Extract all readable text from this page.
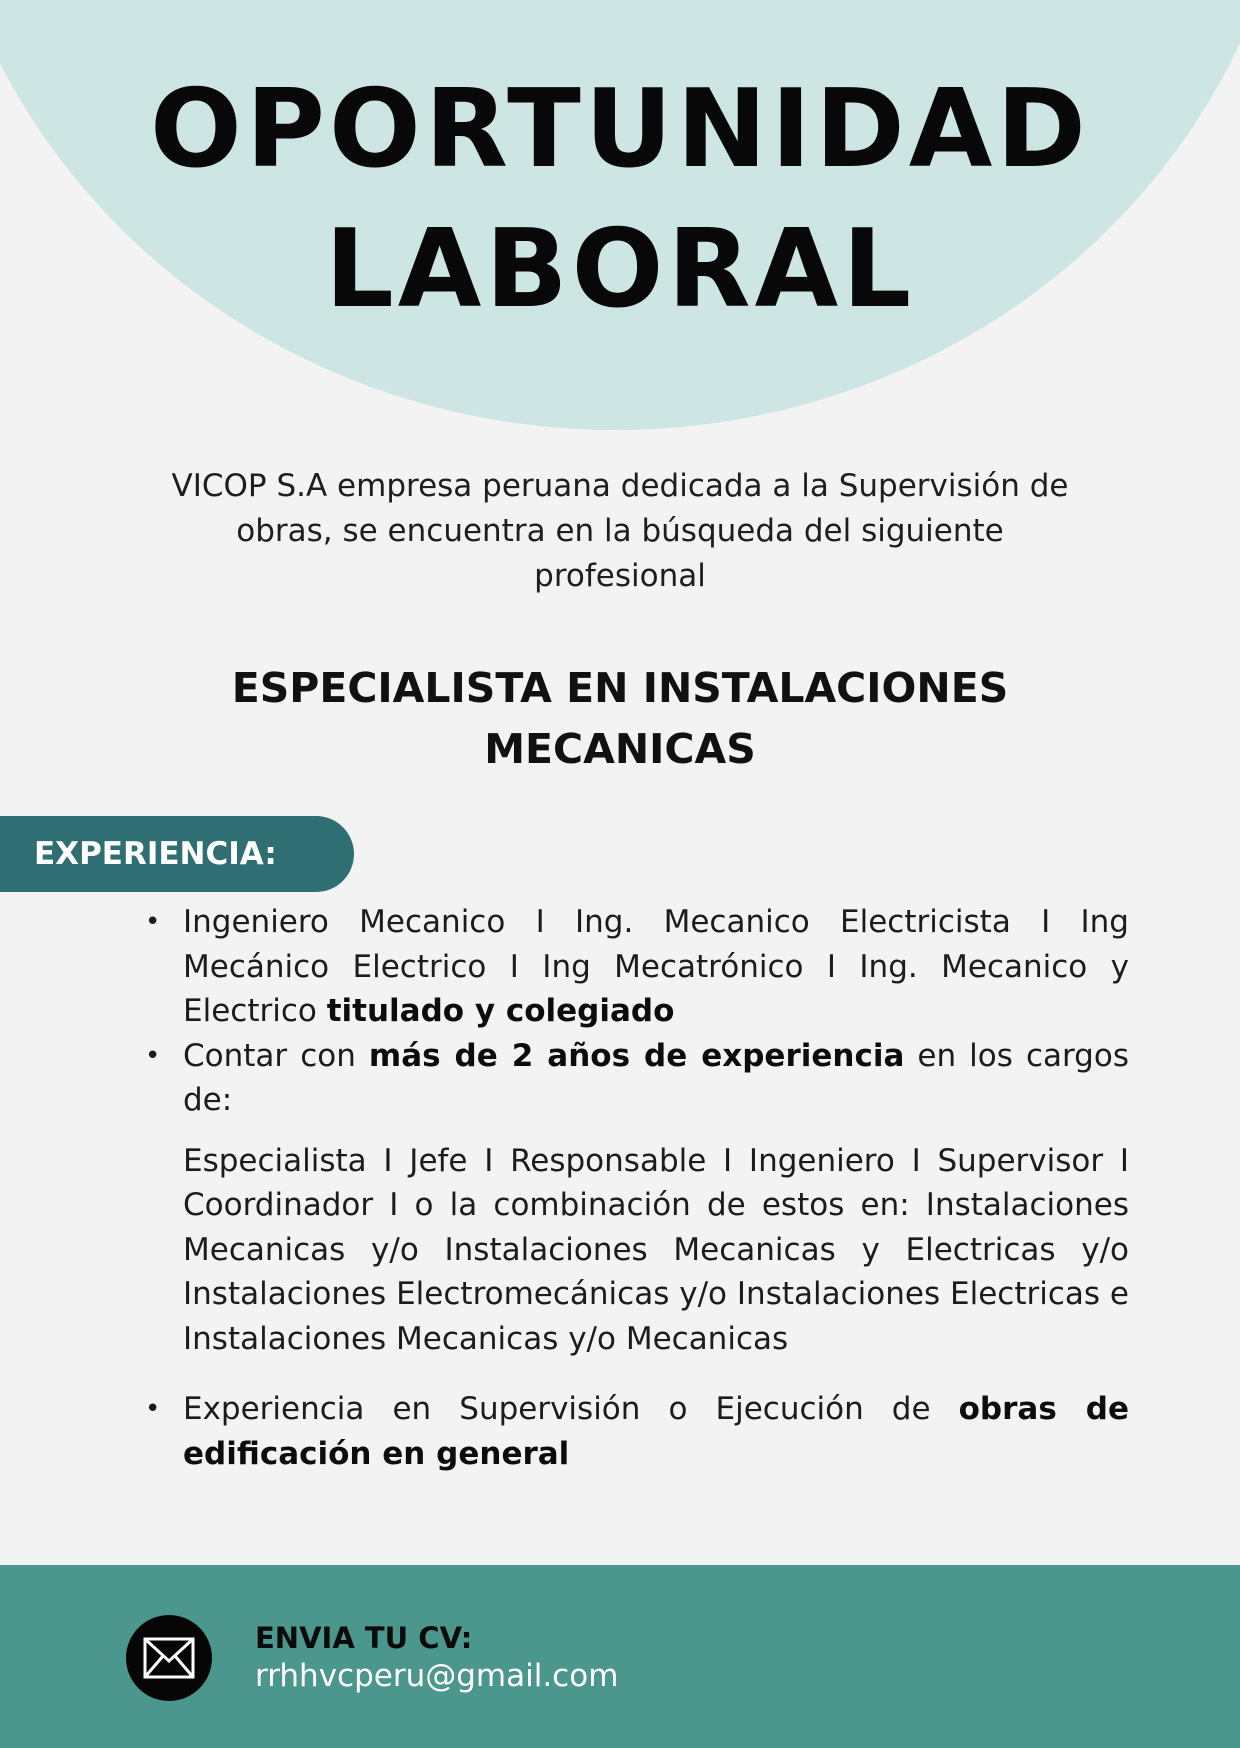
OPORTUNIDAD
LABORAL
VICOP S.A empresa peruana dedicada a la Supervisión de
obras, se encuentra en la búsqueda del siguiente
profesional
ESPECIALISTA EN INSTALACIONES
MECANICAS
EXPERIENCIA:
• Ingeniero Mecanico I Ing. Mecanico Electricista I Ing Mecánico Electrico I Ing Mecatrónico I Ing. Mecanico y Electrico titulado y colegiado
• Contar con más de 2 años de experiencia en los cargos de:
Especialista I Jefe I Responsable I Ingeniero I Supervisor I Coordinador I o la combinación de estos en: Instalaciones Mecanicas y/o Instalaciones Mecanicas y Electricas y/o Instalaciones Electromecánicas y/o Instalaciones Electricas e Instalaciones Mecanicas y/o Mecanicas
• Experiencia en Supervisión o Ejecución de obras de edificación en general
ENVIA TU CV:
rrhhvcperu@gmail.com
